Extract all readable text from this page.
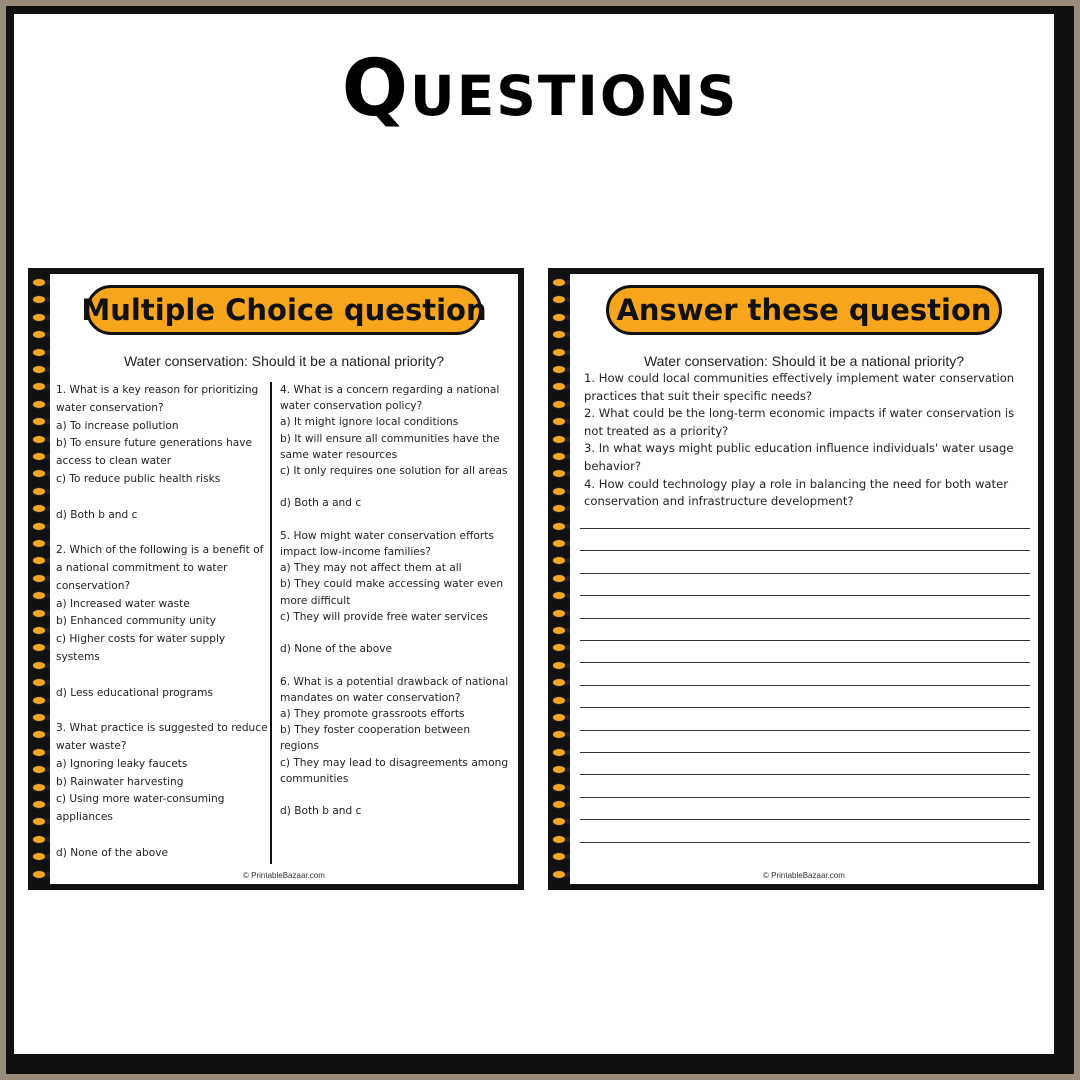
Questions
Multiple Choice question
Water conservation: Should it be a national priority?

1. What is a key reason for prioritizing water conservation?

a) To increase pollution

b) To ensure future generations have access to clean water

c) To reduce public health risks

d) Both b and c

2. Which of the following is a benefit of a national commitment to water conservation?

a) Increased water waste

b) Enhanced community unity

c) Higher costs for water supply systems

d) Less educational programs

3. What practice is suggested to reduce water waste?

a) Ignoring leaky faucets

b) Rainwater harvesting

c) Using more water-consuming appliances

d) None of the above

4. What is a concern regarding a national water conservation policy?

a) It might ignore local conditions

b) It will ensure all communities have the same water resources

c) It only requires one solution for all areas

d) Both a and c

5. How might water conservation efforts impact low-income families?

a) They may not affect them at all

b) They could make accessing water even more difficult

c) They will provide free water services

d) None of the above

6. What is a potential drawback of national mandates on water conservation?

a) They promote grassroots efforts

b) They foster cooperation between regions

c) They may lead to disagreements among communities

d) Both b and c

© PrintableBazaar.com
Answer these question
Water conservation: Should it be a national priority?

1. How could local communities effectively implement water conservation practices that suit their specific needs?

2. What could be the long-term economic impacts if water conservation is not treated as a priority?

3. In what ways might public education influence individuals' water usage behavior?

4. How could technology play a role in balancing the need for both water conservation and infrastructure development?

© PrintableBazaar.com
